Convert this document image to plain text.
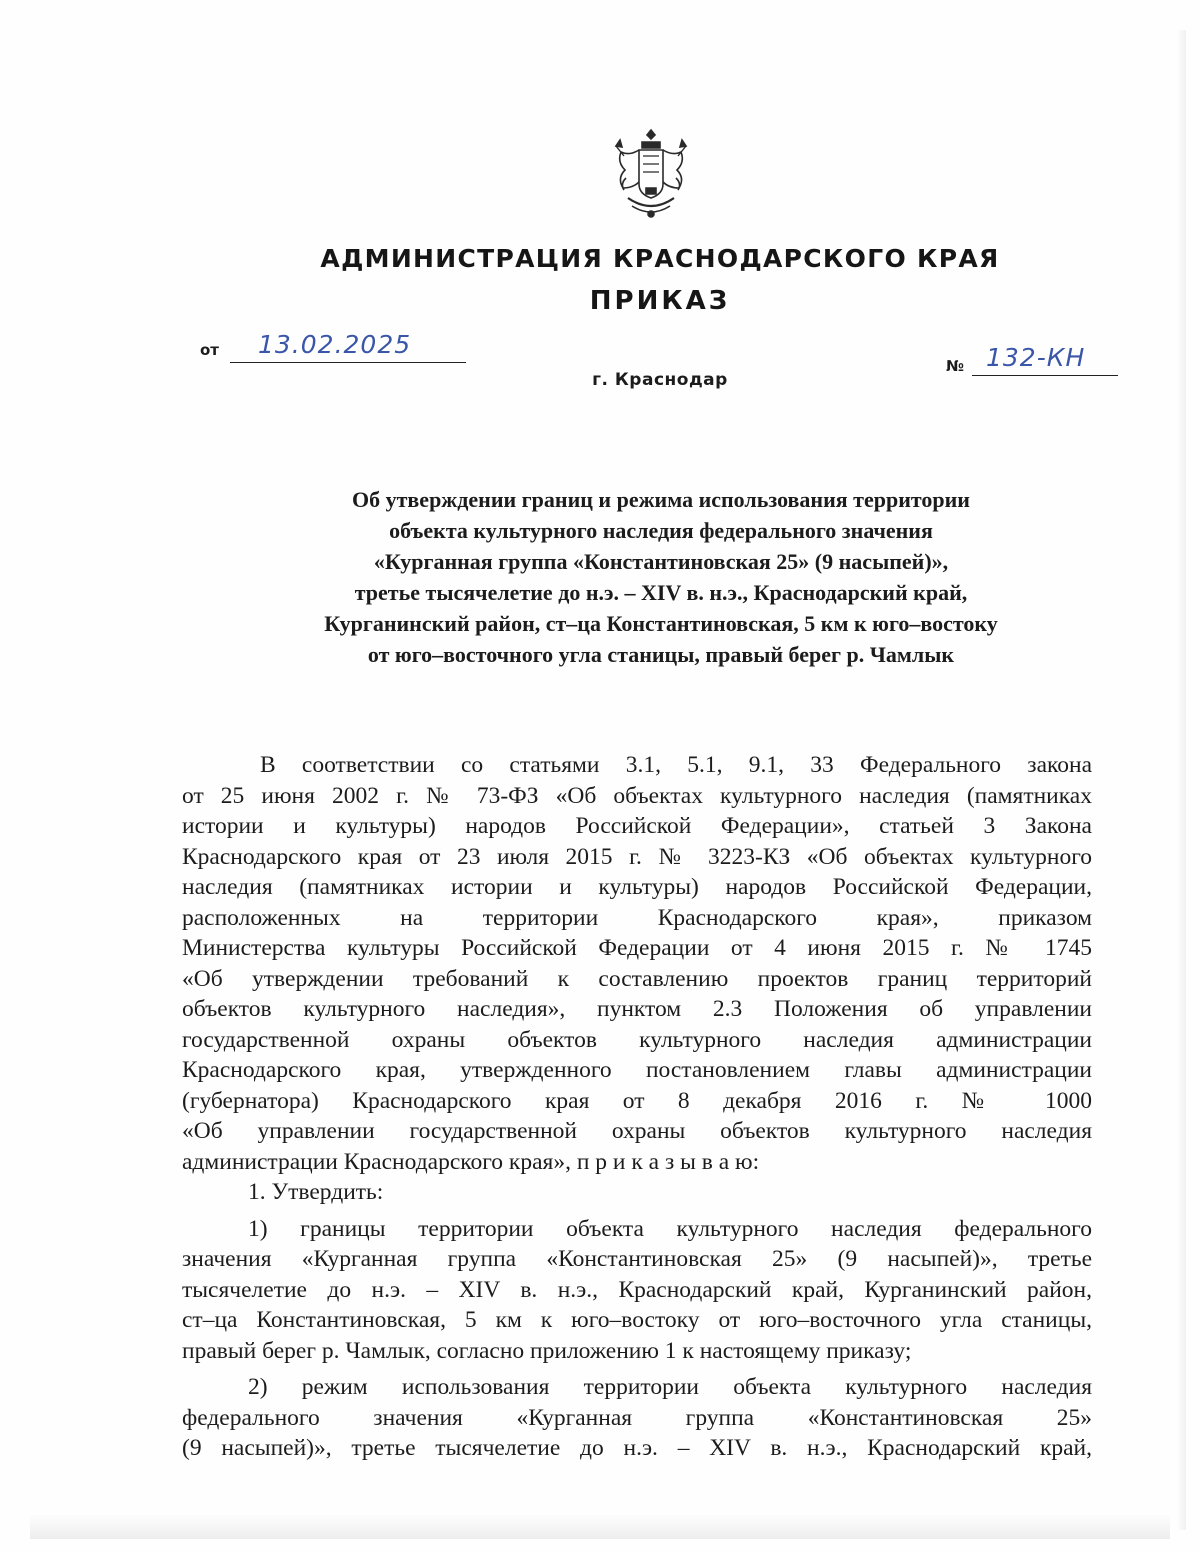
АДМИНИСТРАЦИЯ КРАСНОДАРСКОГО КРАЯ
ПРИКАЗ
от 13.02.2025
г. Краснодар
№ 132-КН
Об утверждении границ и режима использования территории
объекта культурного наследия федерального значения
«Курганная группа «Константиновская 25» (9 насыпей)»,
третье тысячелетие до н.э. – XIV в. н.э., Краснодарский край,
Курганинский район, ст–ца Константиновская, 5 км к юго–востоку
от юго–восточного угла станицы, правый берег р. Чамлык
В соответствии со статьями 3.1, 5.1, 9.1, 33 Федерального закона
от 25 июня 2002 г. № 73-ФЗ «Об объектах культурного наследия (памятниках
истории и культуры) народов Российской Федерации», статьей 3 Закона
Краснодарского края от 23 июля 2015 г. № 3223-КЗ «Об объектах культурного
наследия (памятниках истории и культуры) народов Российской Федерации,
расположенных на территории Краснодарского края», приказом
Министерства культуры Российской Федерации от 4 июня 2015 г. № 1745
«Об утверждении требований к составлению проектов границ территорий
объектов культурного наследия», пунктом 2.3 Положения об управлении
государственной охраны объектов культурного наследия администрации
Краснодарского края, утвержденного постановлением главы администрации
(губернатора) Краснодарского края от 8 декабря 2016 г. № 1000
«Об управлении государственной охраны объектов культурного наследия
администрации Краснодарского края», п р и к а з ы в а ю:
1. Утвердить:
1) границы территории объекта культурного наследия федерального
значения «Курганная группа «Константиновская 25» (9 насыпей)», третье
тысячелетие до н.э. – XIV в. н.э., Краснодарский край, Курганинский район,
ст–ца Константиновская, 5 км к юго–востоку от юго–восточного угла станицы,
правый берег р. Чамлык, согласно приложению 1 к настоящему приказу;
2) режим использования территории объекта культурного наследия
федерального значения «Курганная группа «Константиновская 25»
(9 насыпей)», третье тысячелетие до н.э. – XIV в. н.э., Краснодарский край,
